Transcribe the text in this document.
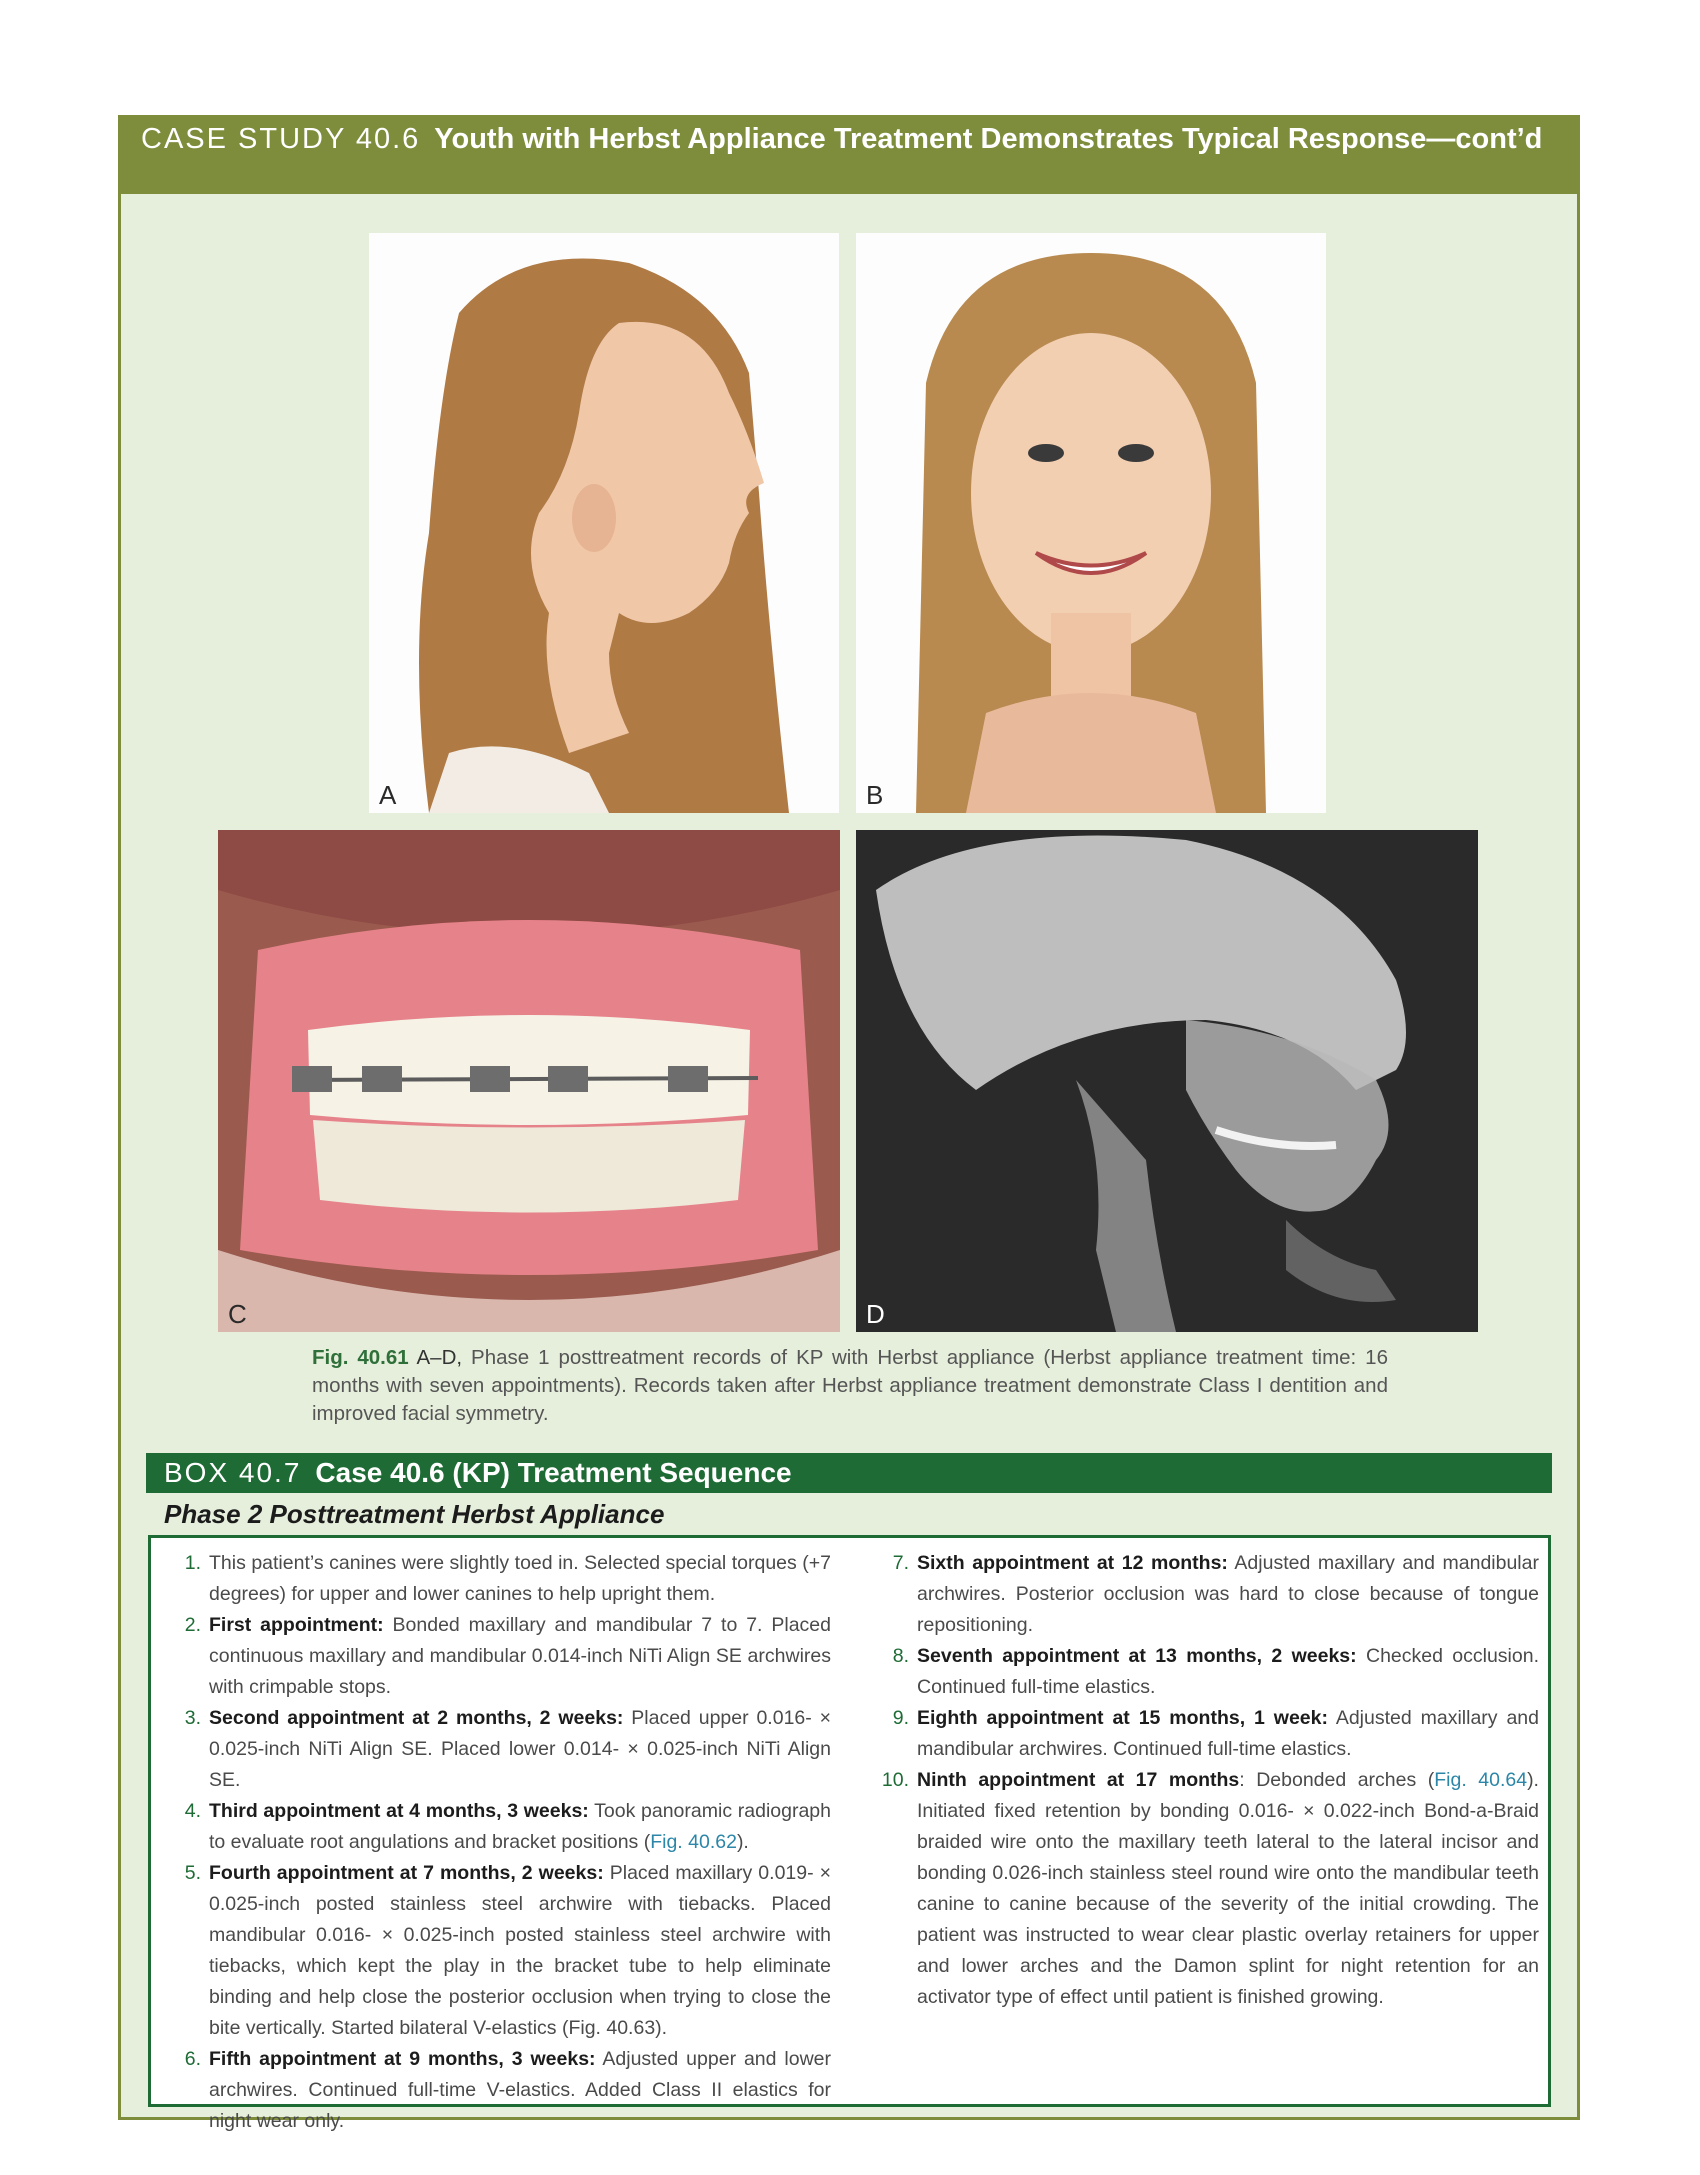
CASE STUDY 40.6 Youth with Herbst Appliance Treatment Demonstrates Typical Response—cont’d
A	B
C	D
Fig. 40.61 A–D, Phase 1 posttreatment records of KP with Herbst appliance (Herbst appliance treatment time: 16 months with seven appointments). Records taken after Herbst appliance treatment demonstrate Class I dentition and improved facial symmetry.
BOX 40.7 Case 40.6 (KP) Treatment Sequence
Phase 2 Posttreatment Herbst Appliance
1. This patient’s canines were slightly toed in. Selected special torques (+7 degrees) for upper and lower canines to help upright them.
2. First appointment: Bonded maxillary and mandibular 7 to 7. Placed continuous maxillary and mandibular 0.014-inch NiTi Align SE archwires with crimpable stops.
3. Second appointment at 2 months, 2 weeks: Placed upper 0.016- × 0.025-inch NiTi Align SE. Placed lower 0.014- × 0.025-inch NiTi Align SE.
4. Third appointment at 4 months, 3 weeks: Took panoramic radiograph to evaluate root angulations and bracket positions (Fig. 40.62).
5. Fourth appointment at 7 months, 2 weeks: Placed maxillary 0.019- × 0.025-inch posted stainless steel archwire with tiebacks. Placed mandibular 0.016- × 0.025-inch posted stainless steel archwire with tiebacks, which kept the play in the bracket tube to help eliminate binding and help close the posterior occlusion when trying to close the bite vertically. Started bilateral V-elastics (Fig. 40.63).
6. Fifth appointment at 9 months, 3 weeks: Adjusted upper and lower archwires. Continued full-time V-elastics. Added Class II elastics for night wear only.
7. Sixth appointment at 12 months: Adjusted maxillary and mandibular archwires. Posterior occlusion was hard to close because of tongue repositioning.
8. Seventh appointment at 13 months, 2 weeks: Checked occlusion. Continued full-time elastics.
9. Eighth appointment at 15 months, 1 week: Adjusted maxillary and mandibular archwires. Continued full-time elastics.
10. Ninth appointment at 17 months: Debonded arches (Fig. 40.64). Initiated fixed retention by bonding 0.016- × 0.022-inch Bond-a-Braid braided wire onto the maxillary teeth lateral to the lateral incisor and bonding 0.026-inch stainless steel round wire onto the mandibular teeth canine to canine because of the severity of the initial crowding. The patient was instructed to wear clear plastic overlay retainers for upper and lower arches and the Damon splint for night retention for an activator type of effect until patient is finished growing.
